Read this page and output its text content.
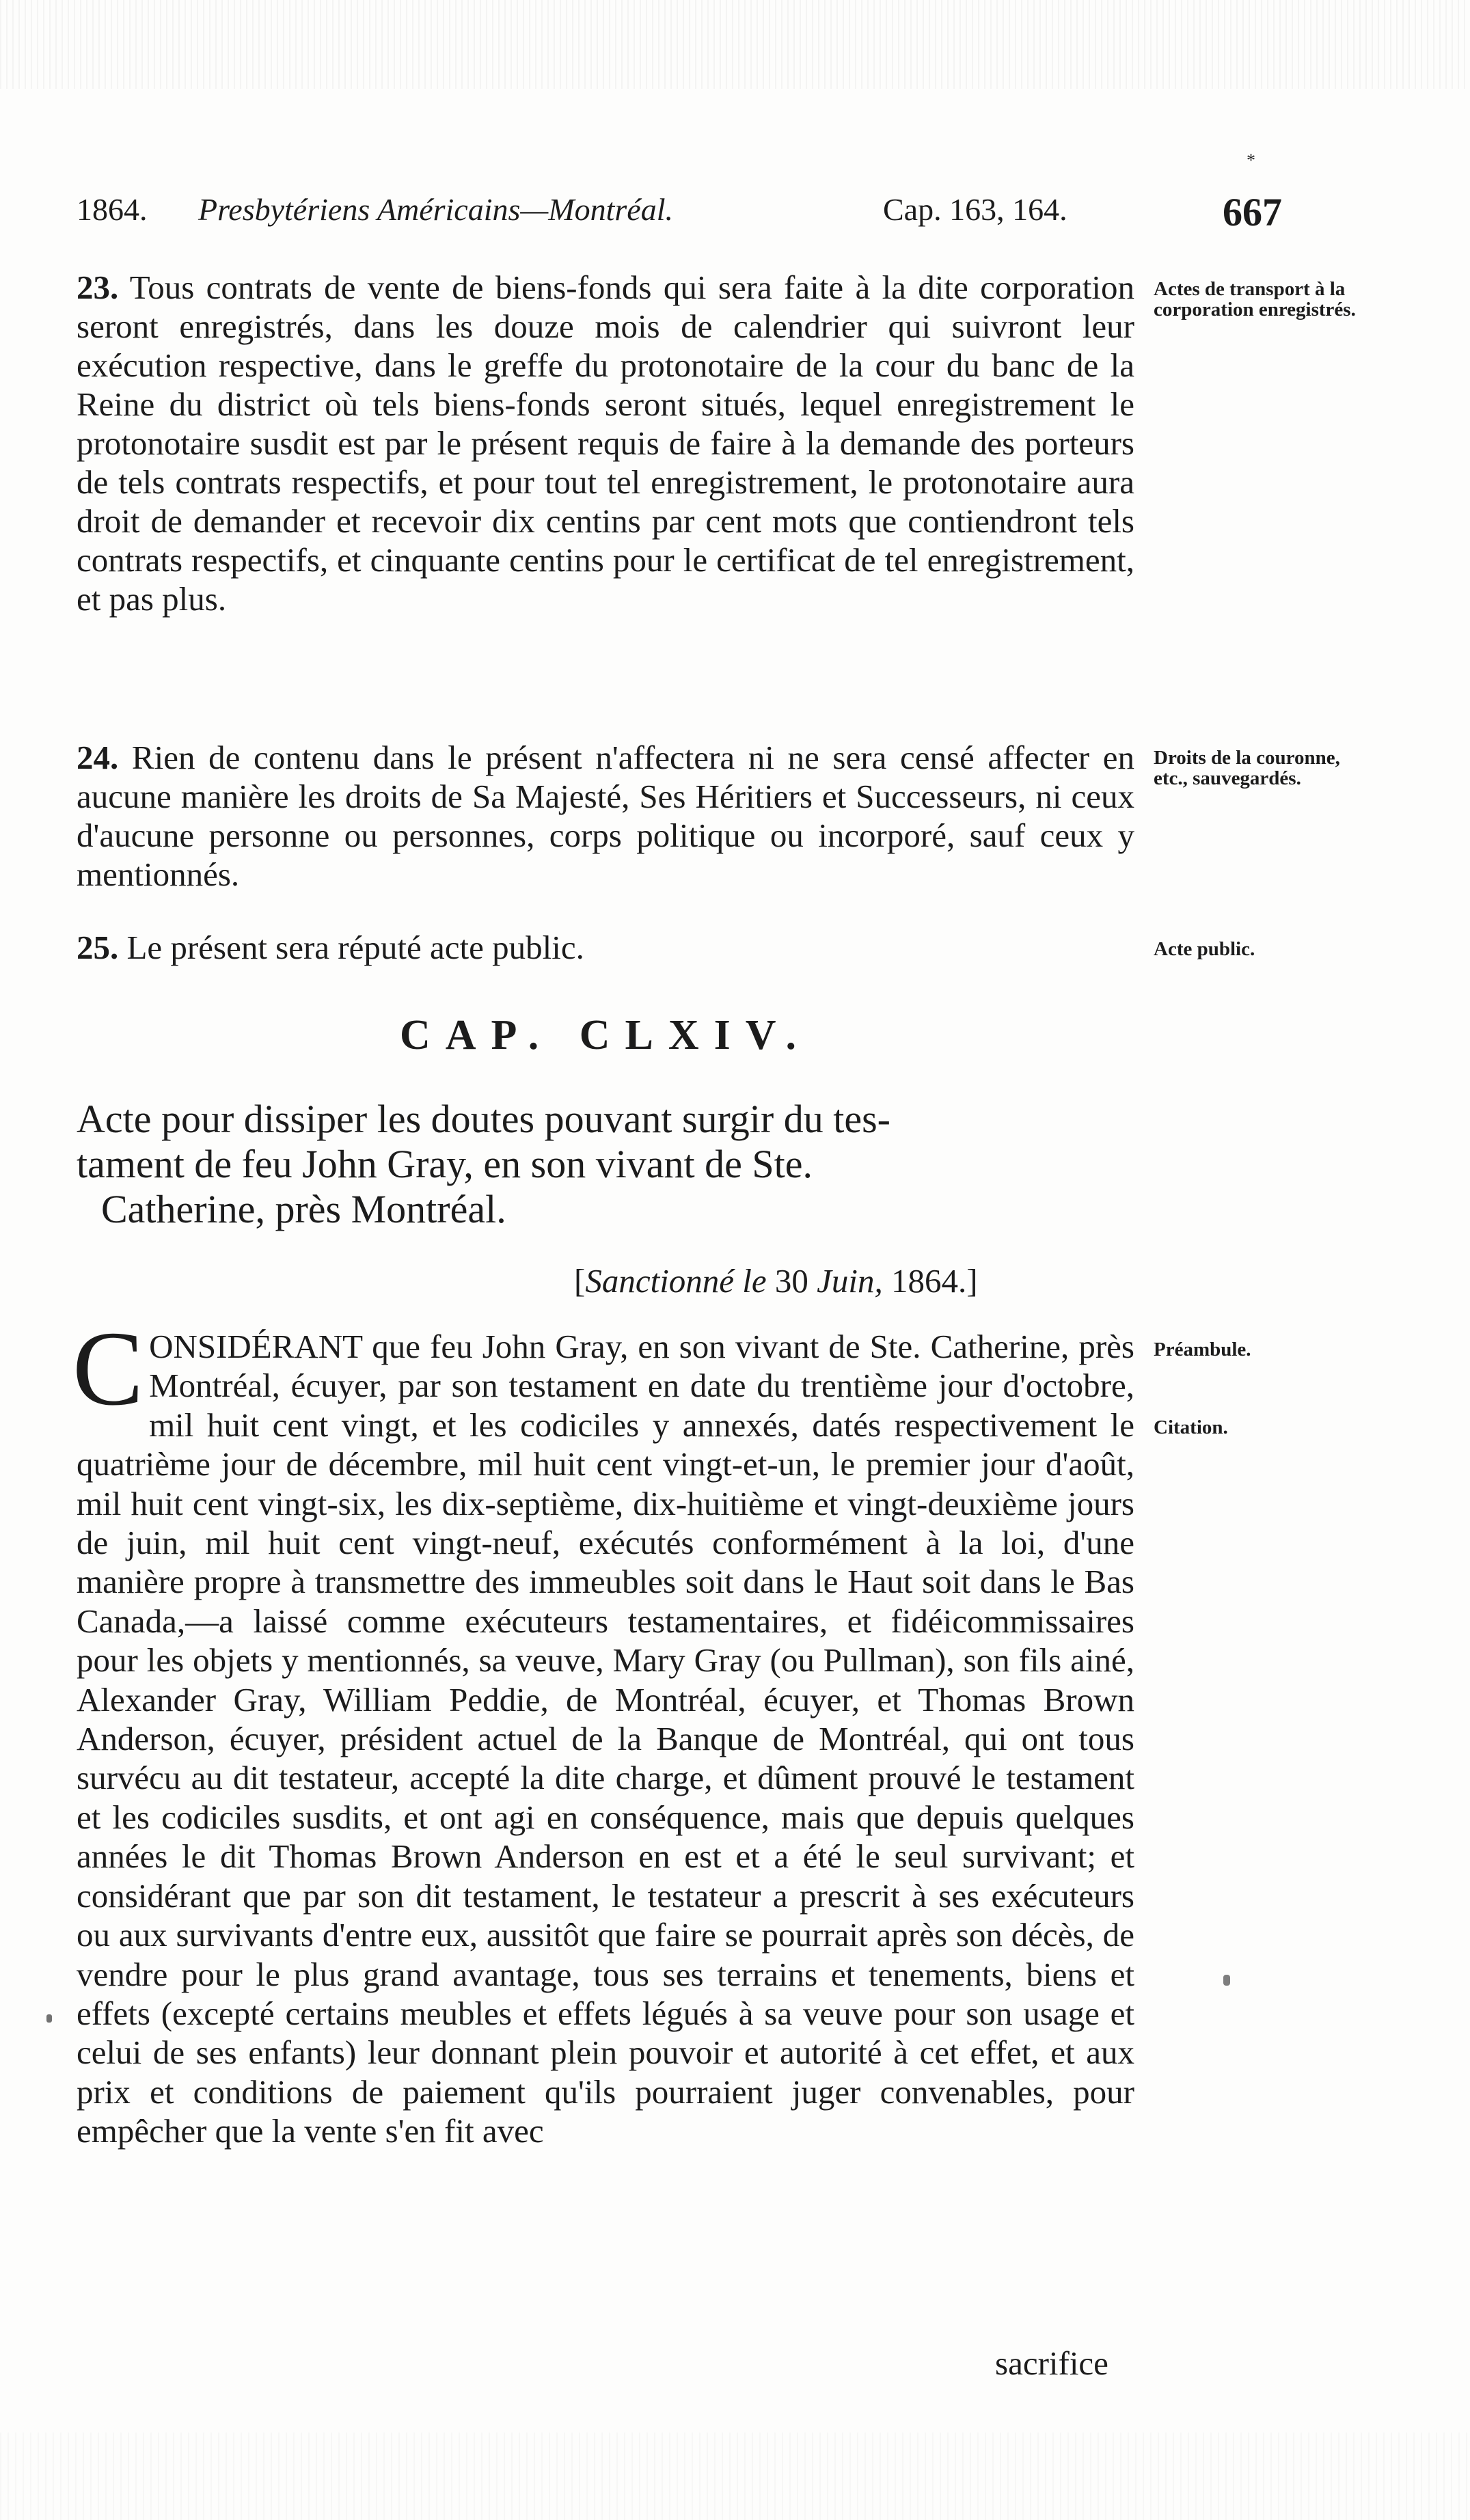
*
1864. Presbytériens Américains—Montréal.	Cap. 163, 164.	667

23. Tous contrats de vente de biens-fonds qui sera faite à la dite corporation seront enregistrés, dans les douze mois de calendrier qui suivront leur exécution respective, dans le greffe du protonotaire de la cour du banc de la Reine du district où tels biens-fonds seront situés, lequel enregistrement le protonotaire susdit est par le présent requis de faire à la demande des porteurs de tels contrats respectifs, et pour tout tel enregistrement, le protonotaire aura droit de demander et recevoir dix centins par cent mots que contiendront tels contrats respectifs, et cinquante centins pour le certificat de tel enregistrement, et pas plus.

Actes de transport à la corporation enregistrés.

24. Rien de contenu dans le présent n'affectera ni ne sera censé affecter en aucune manière les droits de Sa Majesté, Ses Héritiers et Successeurs, ni ceux d'aucune personne ou personnes, corps politique ou incorporé, sauf ceux y mentionnés.

Droits de la couronne, etc., sauvegardés.

25. Le présent sera réputé acte public.	Acte public.

CAP. CLXIV.
Acte pour dissiper les doutes pouvant surgir du tes-
tament de feu John Gray, en son vivant de Ste.
Catherine, près Montréal.

[Sanctionné le 30 Juin, 1864.]

CONSIDÉRANT que feu John Gray, en son vivant de Ste. Catherine, près Montréal, écuyer, par son testament en date du trentième jour d'octobre, mil huit cent vingt, et les codiciles y annexés, datés respectivement le quatrième jour de décembre, mil huit cent vingt-et-un, le premier jour d'août, mil huit cent vingt-six, les dix-septième, dix-huitième et vingt-deuxième jours de juin, mil huit cent vingt-neuf, exécutés conformément à la loi, d'une manière propre à transmettre des immeubles soit dans le Haut soit dans le Bas Canada,—a laissé comme exécuteurs testamentaires, et fidéicommissaires pour les objets y mentionnés, sa veuve, Mary Gray (ou Pullman), son fils ainé, Alexander Gray, William Peddie, de Montréal, écuyer, et Thomas Brown Anderson, écuyer, président actuel de la Banque de Montréal, qui ont tous survécu au dit testateur, accepté la dite charge, et dûment prouvé le testament et les codiciles susdits, et ont agi en conséquence, mais que depuis quelques années le dit Thomas Brown Anderson en est et a été le seul survivant; et considérant que par son dit testament, le testateur a prescrit à ses exécuteurs ou aux survivants d'entre eux, aussitôt que faire se pourrait après son décès, de vendre pour le plus grand avantage, tous ses terrains et tenements, biens et effets (excepté certains meubles et effets légués à sa veuve pour son usage et celui de ses enfants) leur donnant plein pouvoir et autorité à cet effet, et aux prix et conditions de paiement qu'ils pourraient juger convenables, pour empêcher que la vente s'en fit avec

Préambule.

Citation.

sacrifice
